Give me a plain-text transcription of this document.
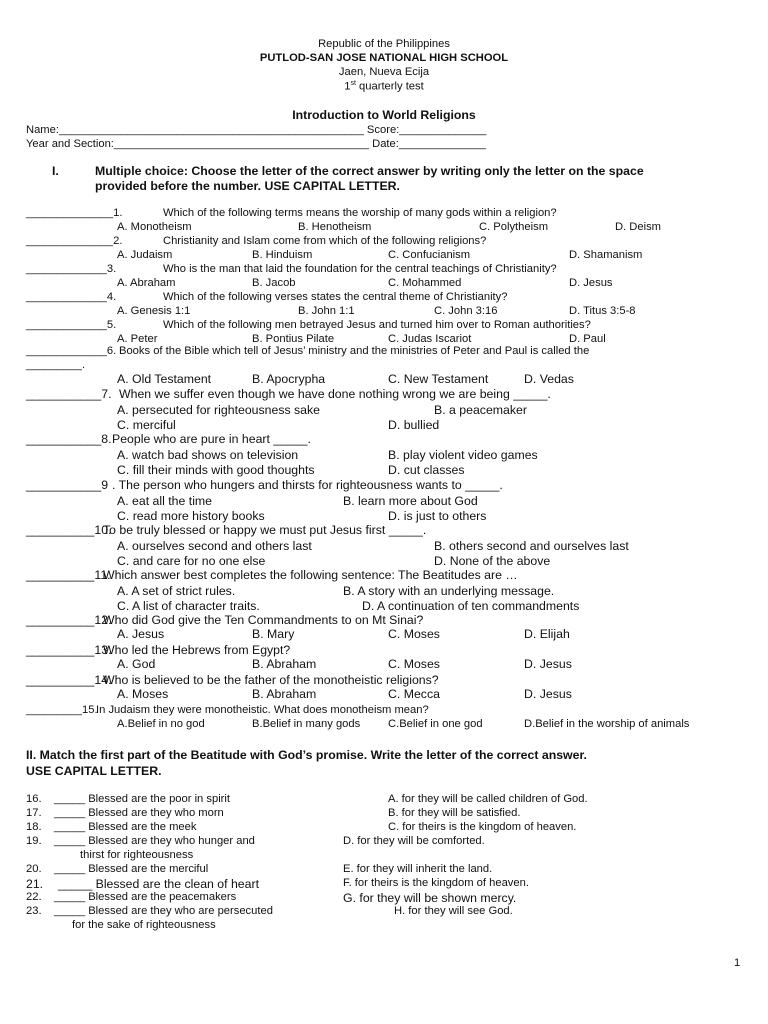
Republic of the Philippines
PUTLOD-SAN JOSE NATIONAL HIGH SCHOOL
Jaen, Nueva Ecija
1st quarterly test
Introduction to World Religions
Name:_________________________________________________ Score:______________
Year and Section:_________________________________________ Date:______________
I.	Multiple choice: Choose the letter of the correct answer by writing only the letter on the space
provided before the number. USE CAPITAL LETTER.
______________1.	Which of the following terms means the worship of many gods within a religion?
A. Monotheism	B. Henotheism	C. Polytheism	D. Deism
______________2.	Christianity and Islam come from which of the following religions?
A. Judaism	B. Hinduism	C. Confucianism	D. Shamanism
_____________3.	Who is the man that laid the foundation for the central teachings of Christianity?
A. Abraham	B. Jacob	C. Mohammed	D. Jesus
_____________4.	Which of the following verses states the central theme of Christianity?
A. Genesis 1:1	B. John 1:1	C. John 3:16	D. Titus 3:5-8
_____________5.	Which of the following men betrayed Jesus and turned him over to Roman authorities?
A. Peter	B. Pontius Pilate	C. Judas Iscariot	D. Paul
_____________6. Books of the Bible which tell of Jesus’ ministry and the ministries of Peter and Paul is called the
_________.
A. Old Testament	B. Apocrypha	C. New Testament	D. Vedas
___________7. When we suffer even though we have done nothing wrong we are being _____.
A. persecuted for righteousness sake	B. a peacemaker
C. merciful	D. bullied
___________8. People who are pure in heart _____.
A. watch bad shows on television	B. play violent video games
C. fill their minds with good thoughts	D. cut classes
___________9 . The person who hungers and thirsts for righteousness wants to _____.
A. eat all the time	B. learn more about God
C. read more history books	D. is just to others
__________10.
To be truly blessed or happy we must put Jesus first _____.
A. ourselves second and others last	B. others second and ourselves last
C. and care for no one else	D. None of the above
__________11.
Which answer best completes the following sentence: The Beatitudes are …
A. A set of strict rules.	B. A story with an underlying message.
C. A list of character traits.	D. A continuation of ten commandments
__________12.
Who did God give the Ten Commandments to on Mt Sinai?
A. Jesus	B. Mary	C. Moses	D. Elijah
__________13.
Who led the Hebrews from Egypt?
A. God	B. Abraham	C. Moses	D. Jesus
__________14.
Who is believed to be the father of the monotheistic religions?
A. Moses	B. Abraham	C. Mecca	D. Jesus
_________15.
In Judaism they were monotheistic. What does monotheism mean?
A.Belief in no god	B.Belief in many gods C.Belief in one god	D.Belief in the worship of animals
II. Match the first part of the Beatitude with God’s promise. Write the letter of the correct answer.
USE CAPITAL LETTER.
16. _____ Blessed are the poor in spirit	A. for they will be called children of God.
17. _____ Blessed are they who morn	B. for they will be satisfied.
18. _____ Blessed are the meek	C. for theirs is the kingdom of heaven.
19. _____ Blessed are they who hunger and	D. for they will be comforted.
thirst for righteousness
20. _____ Blessed are the merciful	E. for they will inherit the land.
21. _____ Blessed are the clean of heart	F. for theirs is the kingdom of heaven.
22. _____ Blessed are the peacemakers	G. for they will be shown mercy.
23. _____ Blessed are they who are persecuted	H. for they will see God.
for the sake of righteousness
1
